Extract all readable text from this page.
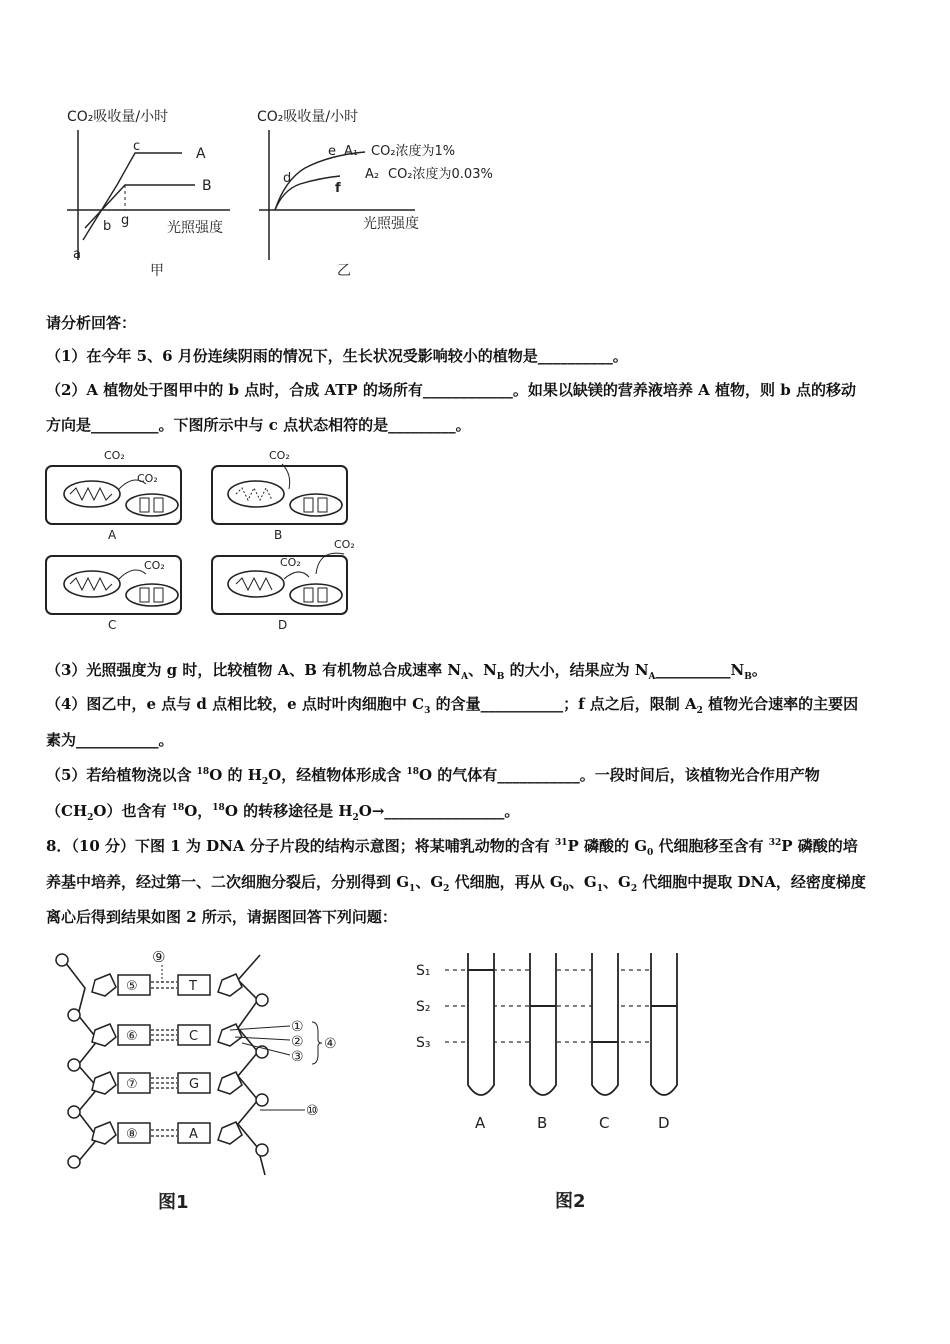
CO₂吸收量/小时
a
b
c
g
A
B
光照强度
甲
CO₂吸收量/小时
d
e
f
A₁ CO₂浓度为1%
A₂ CO₂浓度为0.03%
光照强度
乙
请分析回答：
（1）在今年 5、6 月份连续阴雨的情况下，生长状况受影响较小的植物是__________。
（2）A 植物处于图甲中的 b 点时，合成 ATP 的场所有____________。如果以缺镁的营养液培养 A 植物，则 b 点的移动
方向是_________。下图所示中与 c 点状态相符的是_________。
CO₂
CO₂
A
CO₂
B
CO₂
C
CO₂
CO₂
D
（3）光照强度为 g 时，比较植物 A、B 有机物总合成速率 $N_A$、$N_B$ 的大小，结果应为 $N_A\_\_\_\_\_\_\_\_\_\_N_B$。
（4）图乙中，e 点与 d 点相比较，e 点时叶肉细胞中 $C_3$ 的含量___________；f 点之后，限制 $A_2$ 植物光合速率的主要因
素为___________。
（5）若给植物浇以含 $^{18}$O 的 $H_2O$，经植物体形成含 $^{18}$O 的气体有___________。一段时间后，该植物光合作用产物
$(CH_2O)$也含有 $^{18}$O，$^{18}$O 的转移途径是 $H_2O\to\_\_\_\_\_\_\_\_\_\_\_\_\_\_\_\_$。
8．（10 分）下图 1 为 DNA 分子片段的结构示意图；将某哺乳动物的含有 $^{31}$P 磷酸的 $G_0$ 代细胞移至含有 $^{32}$P 磷酸的培
养基中培养，经过第一、二次细胞分裂后，分别得到 $G_1$、$G_2$ 代细胞，再从 $G_0$、$G_1$、$G_2$ 代细胞中提取 DNA，经密度梯度
离心后得到结果如图 2 所示，请据图回答下列问题：
⑤
⑥
⑦
⑧
T
C
G
A
⑨
①
②
③
④
⑩
图1
S₁
S₃
S₂
A	B	C	D
图2
